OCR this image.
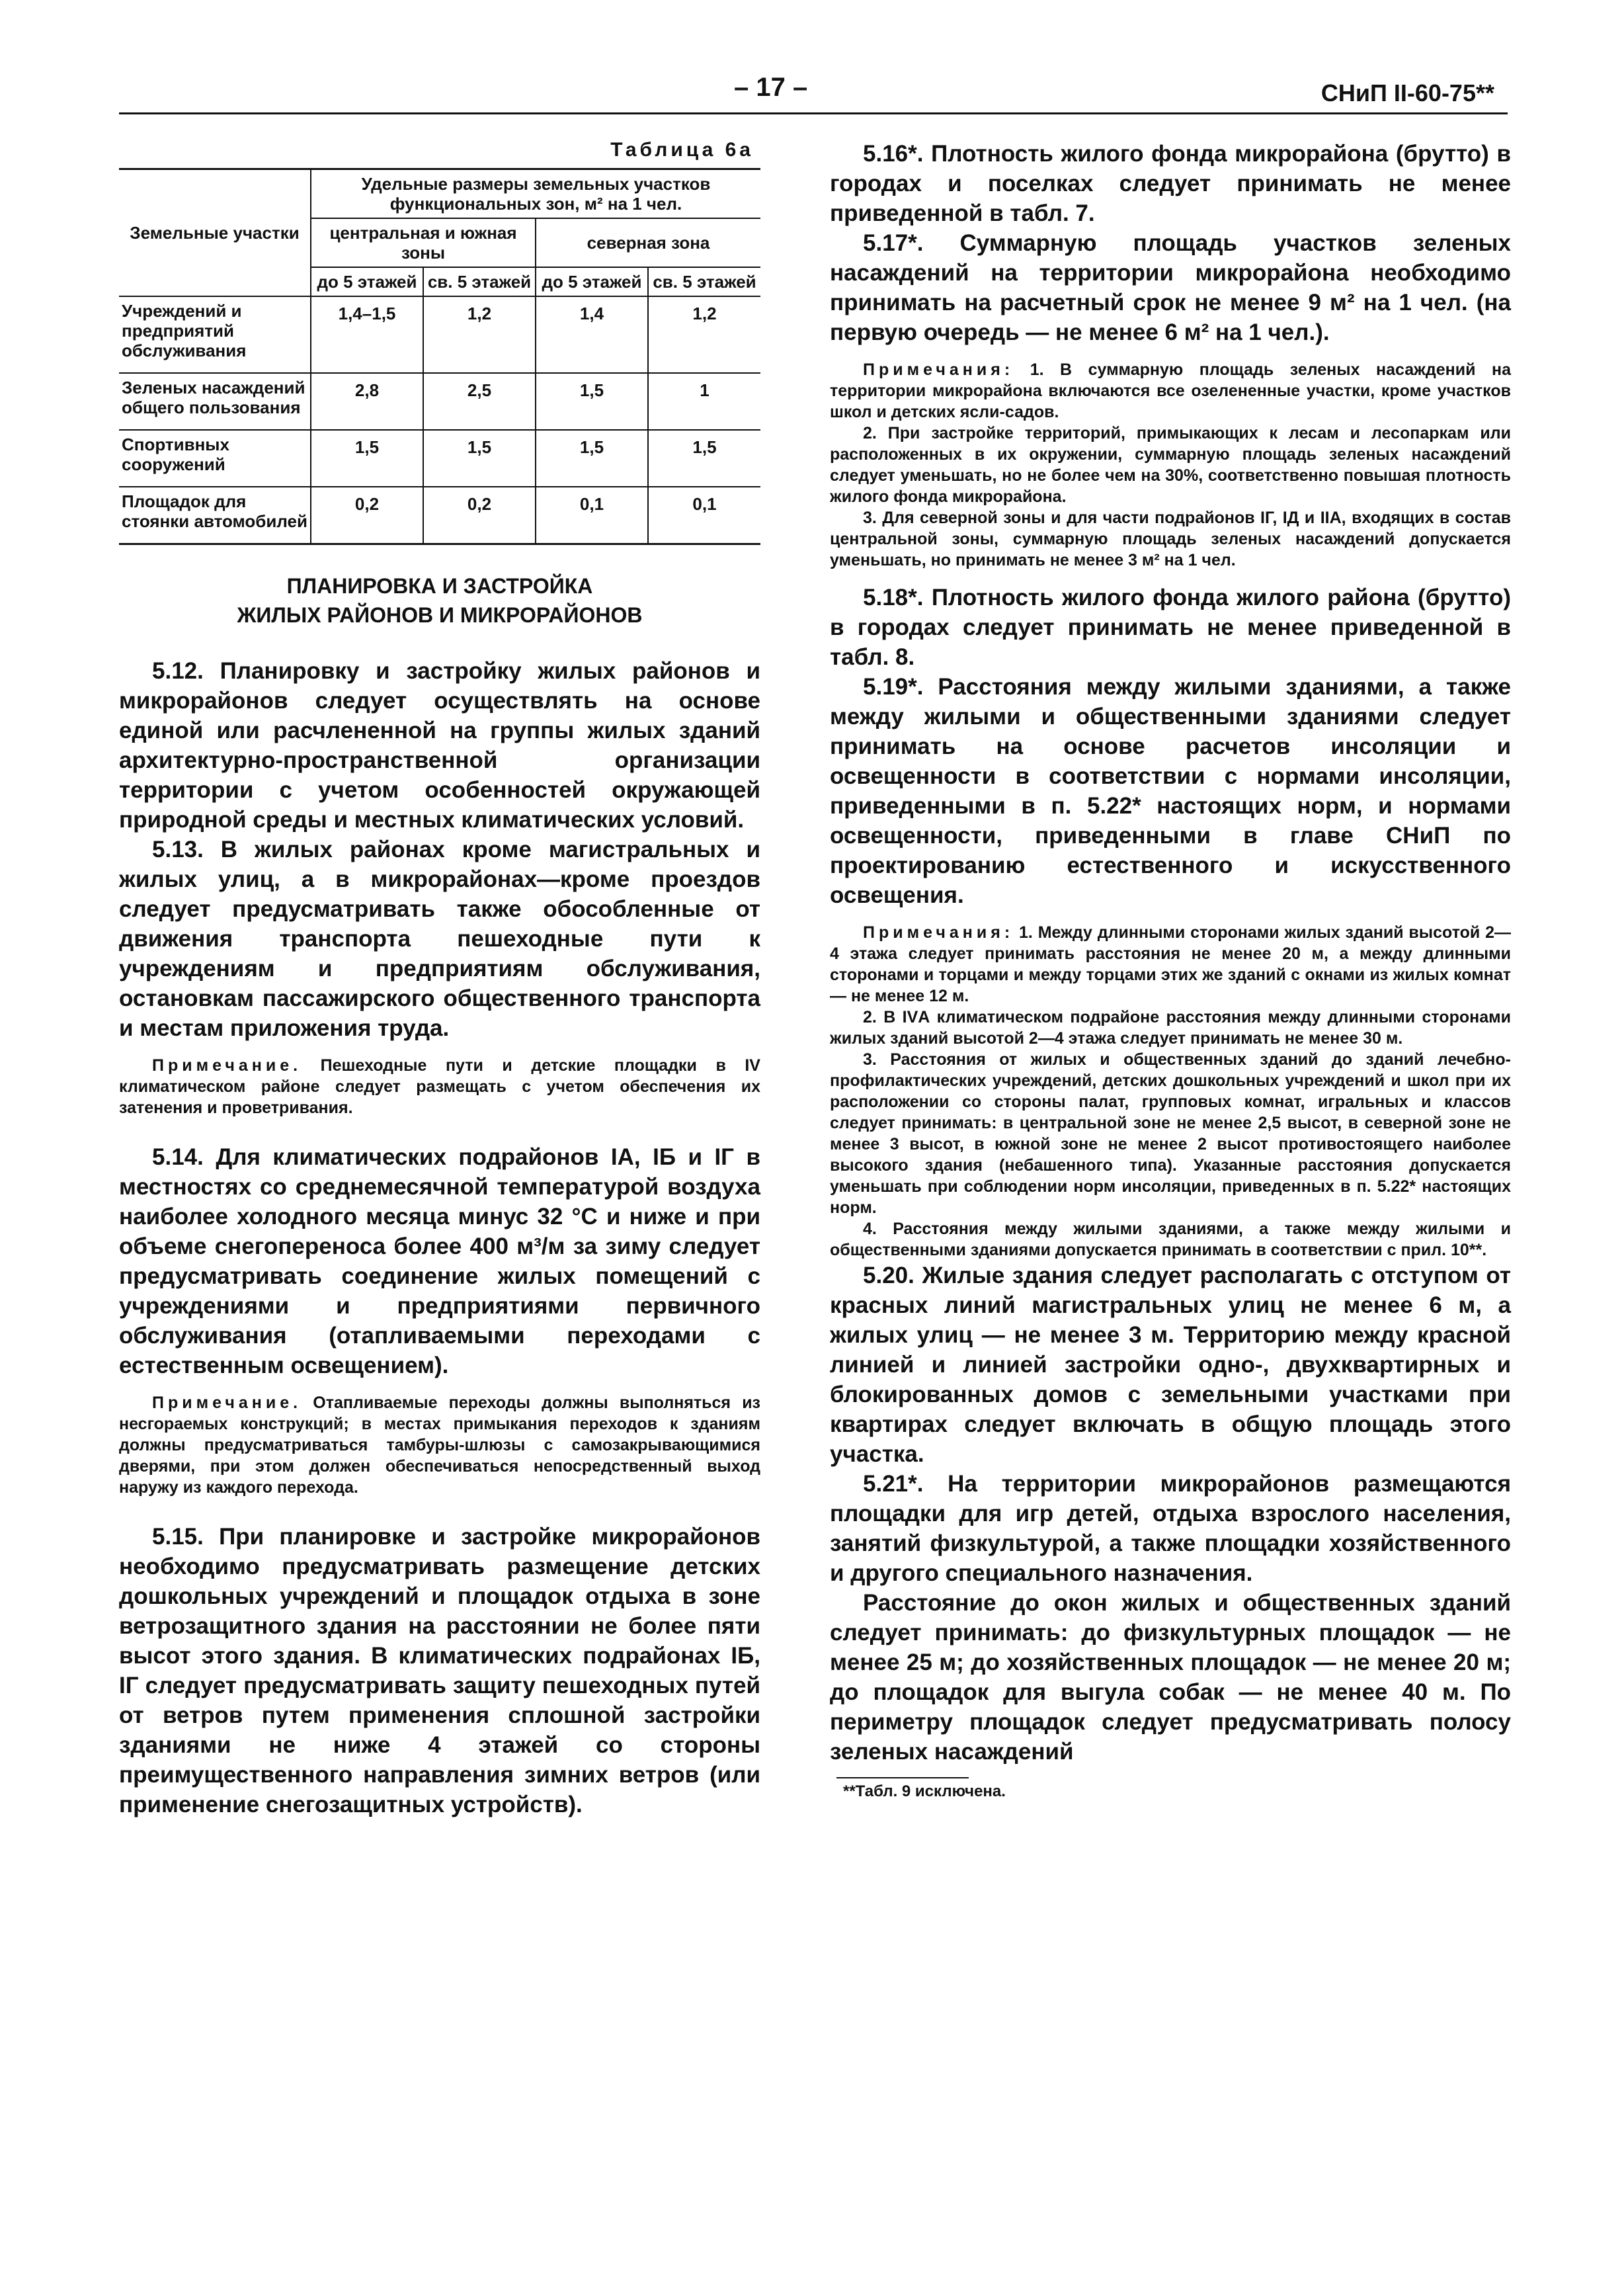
– 17 –	СНиП II-60-75**
Таблица 6а
Земельные участки	Удельные размеры земельных участков функциональных зон, м² на 1 чел.			
	центральная и южная зоны		северная зона	
	до 5 этажей	св. 5 этажей	до 5 этажей	св. 5 этажей
Учреждений и предприятий обслуживания	1,4–1,5	1,2	1,4	1,2
Зеленых насаждений общего пользования	2,8	2,5	1,5	1
Спортивных сооружений	1,5	1,5	1,5	1,5
Площадок для стоянки автомобилей	0,2	0,2	0,1	0,1
ПЛАНИРОВКА И ЗАСТРОЙКА
ЖИЛЫХ РАЙОНОВ И МИКРОРАЙОНОВ

5.12. Планировку и застройку жилых районов и микрорайонов следует осуществлять на основе единой или расчлененной на группы жилых зданий архитектурно-пространственной организации территории с учетом особенностей окружающей природной среды и местных климатических условий.

5.13. В жилых районах кроме магистральных и жилых улиц, а в микрорайонах—кроме проездов следует предусматривать также обособленные от движения транспорта пешеходные пути к учреждениям и предприятиям обслуживания, остановкам пассажирского общественного транспорта и местам приложения труда.

Примечание. Пешеходные пути и детские площадки в IV климатическом районе следует размещать с учетом обеспечения их затенения и проветривания.

5.14. Для климатических подрайонов IА, IБ и IГ в местностях со среднемесячной температурой воздуха наиболее холодного месяца минус 32 °С и ниже и при объеме снегопереноса более 400 м³/м за зиму следует предусматривать соединение жилых помещений с учреждениями и предприятиями первичного обслуживания (отапливаемыми переходами с естественным освещением).

Примечание. Отапливаемые переходы должны выполняться из несгораемых конструкций; в местах примыкания переходов к зданиям должны предусматриваться тамбуры-шлюзы с самозакрывающимися дверями, при этом должен обеспечиваться непосредственный выход наружу из каждого перехода.

5.15. При планировке и застройке микрорайонов необходимо предусматривать размещение детских дошкольных учреждений и площадок отдыха в зоне ветрозащитного здания на расстоянии не более пяти высот этого здания. В климатических подрайонах IБ, IГ следует предусматривать защиту пешеходных путей от ветров путем применения сплошной застройки зданиями не ниже 4 этажей со стороны преимущественного направления зимних ветров (или применение снегозащитных устройств).

5.16*. Плотность жилого фонда микрорайона (брутто) в городах и поселках следует принимать не менее приведенной в табл. 7.

5.17*. Суммарную площадь участков зеленых насаждений на территории микрорайона необходимо принимать на расчетный срок не менее 9 м² на 1 чел. (на первую очередь — не менее 6 м² на 1 чел.).

Примечания: 1. В суммарную площадь зеленых насаждений на территории микрорайона включаются все озелененные участки, кроме участков школ и детских ясли-садов.

2. При застройке территорий, примыкающих к лесам и лесопаркам или расположенных в их окружении, суммарную площадь зеленых насаждений следует уменьшать, но не более чем на 30%, соответственно повышая плотность жилого фонда микрорайона.

3. Для северной зоны и для части подрайонов IГ, IД и IIА, входящих в состав центральной зоны, суммарную площадь зеленых насаждений допускается уменьшать, но принимать не менее 3 м² на 1 чел.

5.18*. Плотность жилого фонда жилого района (брутто) в городах следует принимать не менее приведенной в табл. 8.

5.19*. Расстояния между жилыми зданиями, а также между жилыми и общественными зданиями следует принимать на основе расчетов инсоляции и освещенности в соответствии с нормами инсоляции, приведенными в п. 5.22* настоящих норм, и нормами освещенности, приведенными в главе СНиП по проектированию естественного и искусственного освещения.

Примечания: 1. Между длинными сторонами жилых зданий высотой 2—4 этажа следует принимать расстояния не менее 20 м, а между длинными сторонами и торцами и между торцами этих же зданий с окнами из жилых комнат — не менее 12 м.

2. В IVА климатическом подрайоне расстояния между длинными сторонами жилых зданий высотой 2—4 этажа следует принимать не менее 30 м.

3. Расстояния от жилых и общественных зданий до зданий лечебно-профилактических учреждений, детских дошкольных учреждений и школ при их расположении со стороны палат, групповых комнат, игральных и классов следует принимать: в центральной зоне не менее 2,5 высот, в северной зоне не менее 3 высот, в южной зоне не менее 2 высот противостоящего наиболее высокого здания (небашенного типа). Указанные расстояния допускается уменьшать при соблюдении норм инсоляции, приведенных в п. 5.22* настоящих норм.

4. Расстояния между жилыми зданиями, а также между жилыми и общественными зданиями допускается принимать в соответствии с прил. 10**.

5.20. Жилые здания следует располагать с отступом от красных линий магистральных улиц не менее 6 м, а жилых улиц — не менее 3 м. Территорию между красной линией и линией застройки одно-, двухквартирных и блокированных домов с земельными участками при квартирах следует включать в общую площадь этого участка.

5.21*. На территории микрорайонов размещаются площадки для игр детей, отдыха взрослого населения, занятий физкультурой, а также площадки хозяйственного и другого специального назначения.

Расстояние до окон жилых и общественных зданий следует принимать: до физкультурных площадок — не менее 25 м; до хозяйственных площадок — не менее 20 м; до площадок для выгула собак — не менее 40 м. По периметру площадок следует предусматривать полосу зеленых насаждений

**Табл. 9 исключена.
